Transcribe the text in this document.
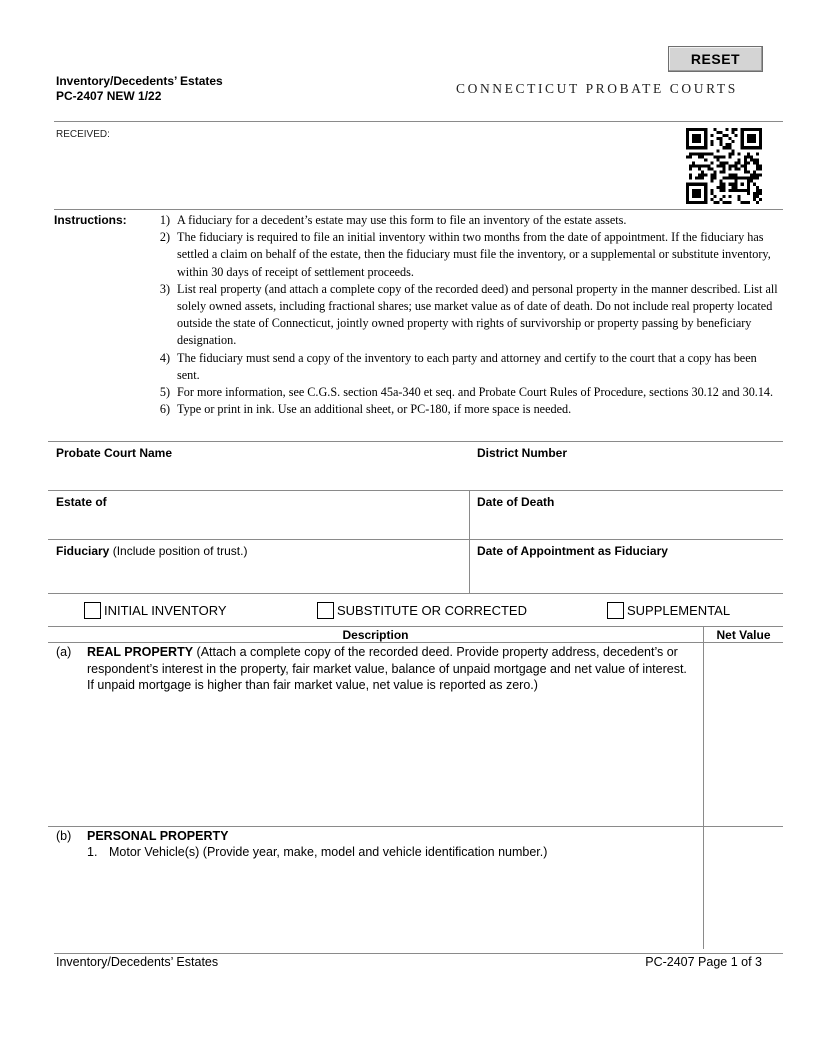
RESET
Inventory/Decedents’ Estates
PC-2407 NEW 1/22	CONNECTICUT PROBATE COURTS
RECEIVED:
Instructions:	1) A fiduciary for a decedent’s estate may use this form to file an inventory of the estate assets.
2) The fiduciary is required to file an initial inventory within two months from the date of appointment. If the fiduciary has settled a claim on behalf of the estate, then the fiduciary must file the inventory, or a supplemental or substitute inventory, within 30 days of receipt of settlement proceeds.
3) List real property (and attach a complete copy of the recorded deed) and personal property in the manner described. List all solely owned assets, including fractional shares; use market value as of date of death. Do not include real property located outside the state of Connecticut, jointly owned property with rights of survivorship or property passing by beneficiary designation.
4) The fiduciary must send a copy of the inventory to each party and attorney and certify to the court that a copy has been sent.
5) For more information, see C.G.S. section 45a-340 et seq. and Probate Court Rules of Procedure, sections 30.12 and 30.14.
6) Type or print in ink. Use an additional sheet, or PC-180, if more space is needed.
Probate Court Name	District Number
Estate of	Date of Death
Fiduciary (Include position of trust.)	Date of Appointment as Fiduciary
INITIAL INVENTORY	SUBSTITUTE OR CORRECTED	SUPPLEMENTAL
Description	Net Value
(a) REAL PROPERTY (Attach a complete copy of the recorded deed. Provide property address, decedent’s or respondent’s interest in the property, fair market value, balance of unpaid mortgage and net value of interest. If unpaid mortgage is higher than fair market value, net value is reported as zero.)
(b) PERSONAL PROPERTY
1. Motor Vehicle(s) (Provide year, make, model and vehicle identification number.)
Inventory/Decedents’ Estates	PC-2407 Page 1 of 3
